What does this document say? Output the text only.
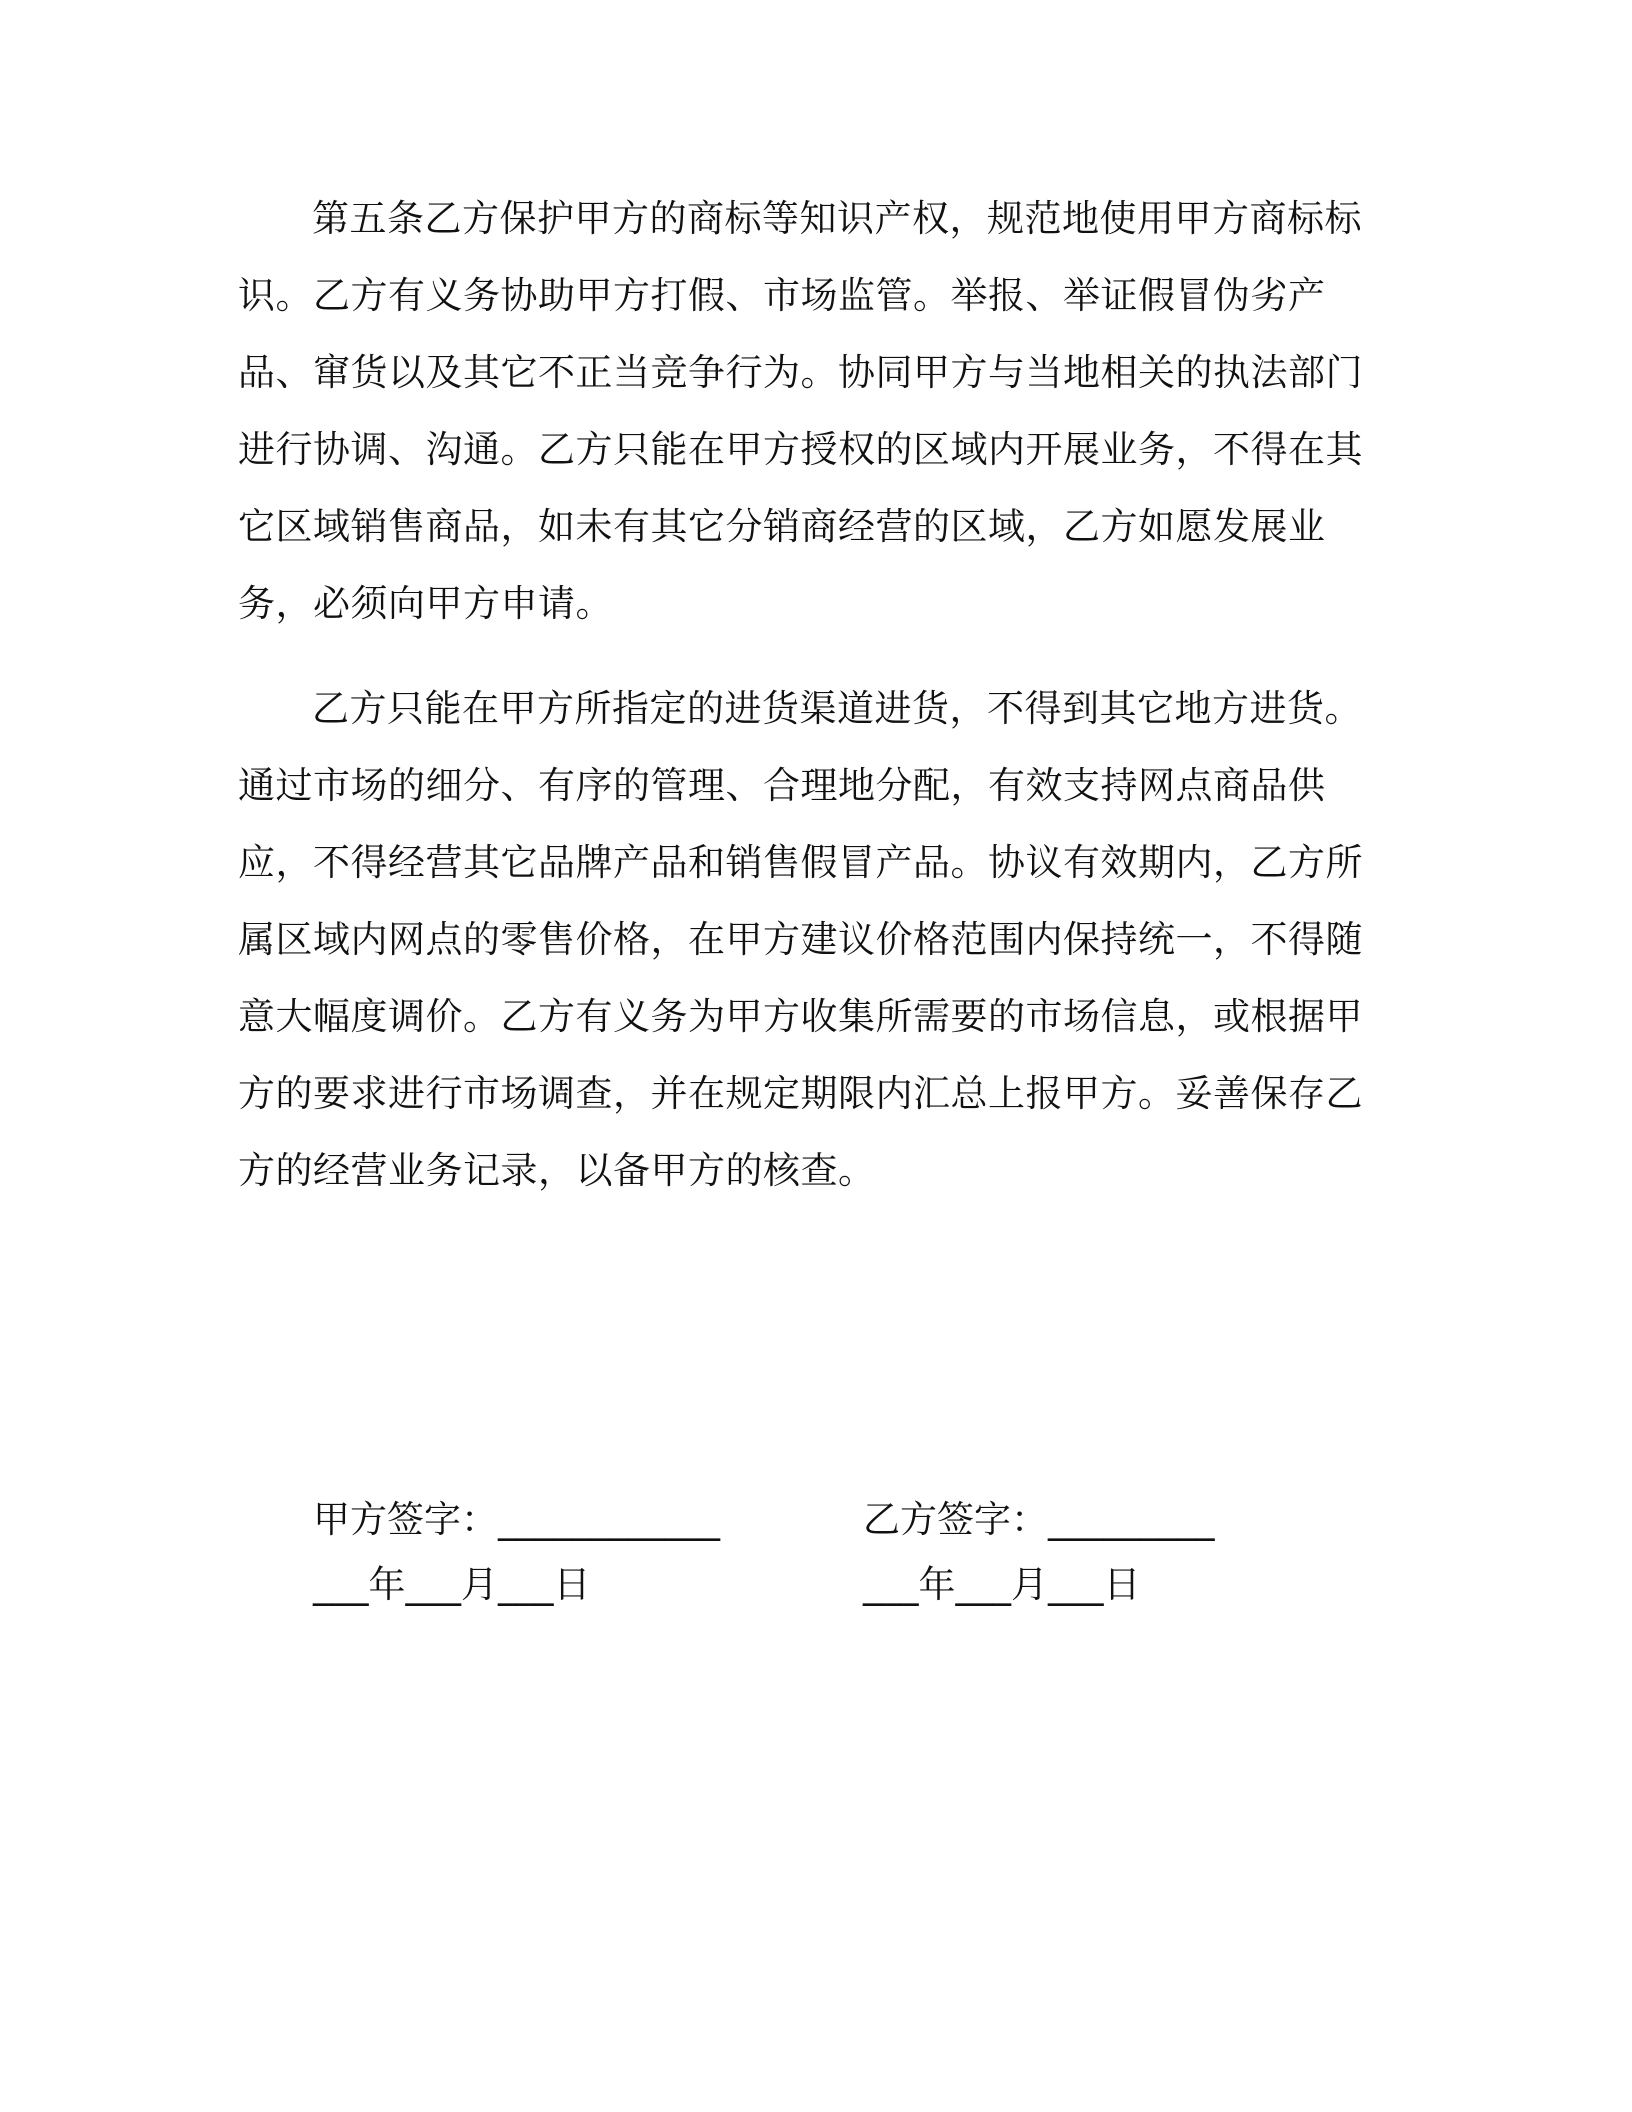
第五条乙方保护甲方的商标等知识产权，规范地使用甲方商标标识。乙方有义务协助甲方打假、市场监管。举报、举证假冒伪劣产品、窜货以及其它不正当竞争行为。协同甲方与当地相关的执法部门进行协调、沟通。乙方只能在甲方授权的区域内开展业务，不得在其它区域销售商品，如未有其它分销商经营的区域，乙方如愿发展业务，必须向甲方申请。

乙方只能在甲方所指定的进货渠道进货，不得到其它地方进货。通过市场的细分、有序的管理、合理地分配，有效支持网点商品供应，不得经营其它品牌产品和销售假冒产品。协议有效期内，乙方所属区域内网点的零售价格，在甲方建议价格范围内保持统一，不得随意大幅度调价。乙方有义务为甲方收集所需要的市场信息，或根据甲方的要求进行市场调查，并在规定期限内汇总上报甲方。妥善保存乙方的经营业务记录，以备甲方的核查。

甲方签字：____________	乙方签字：_________
___年___月___日	___年___月___日
